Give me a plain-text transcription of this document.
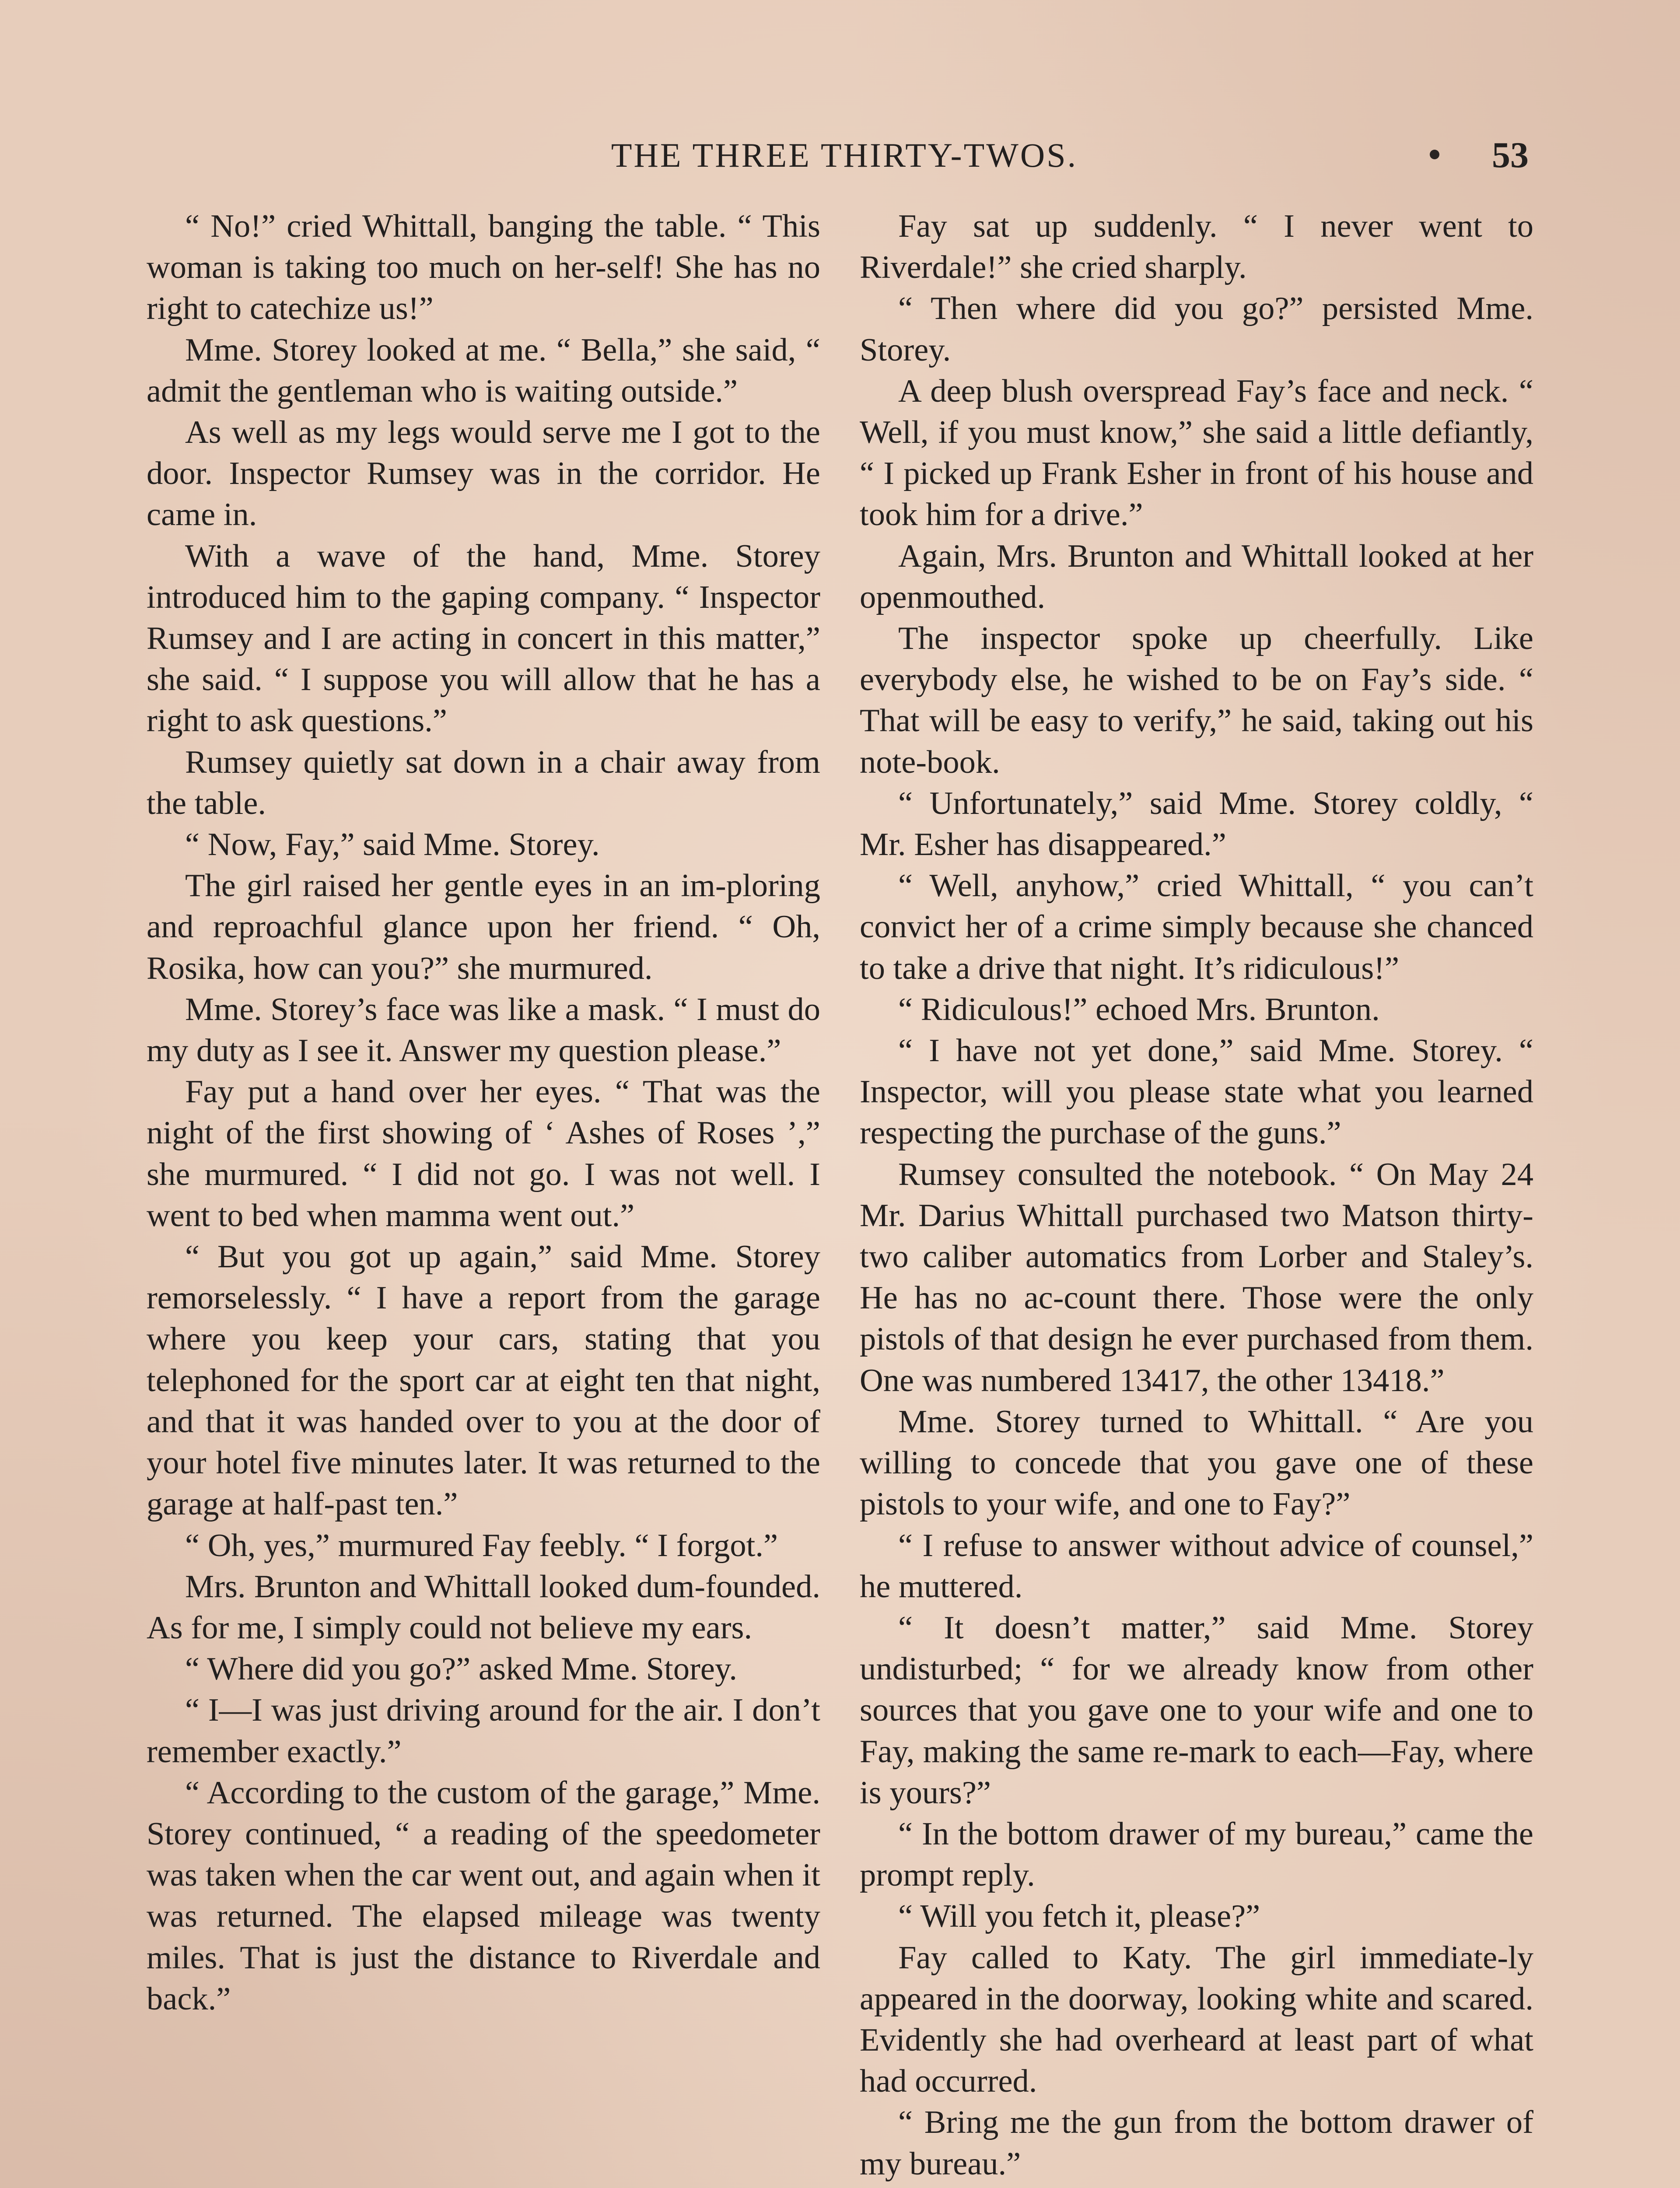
THE THREE THIRTY-TWOS.	53

“ No!” cried Whittall, banging the table. “ This woman is taking too much on her-self! She has no right to catechize us!”

Mme. Storey looked at me. “ Bella,” she said, “ admit the gentleman who is waiting outside.”

As well as my legs would serve me I got to the door. Inspector Rumsey was in the corridor. He came in.

With a wave of the hand, Mme. Storey introduced him to the gaping company. “ Inspector Rumsey and I are acting in concert in this matter,” she said. “ I suppose you will allow that he has a right to ask questions.”

Rumsey quietly sat down in a chair away from the table.

“ Now, Fay,” said Mme. Storey.

The girl raised her gentle eyes in an im-ploring and reproachful glance upon her friend. “ Oh, Rosika, how can you?” she murmured.

Mme. Storey’s face was like a mask. “ I must do my duty as I see it. Answer my question please.”

Fay put a hand over her eyes. “ That was the night of the first showing of ‘ Ashes of Roses ’,” she murmured. “ I did not go. I was not well. I went to bed when mamma went out.”

“ But you got up again,” said Mme. Storey remorselessly. “ I have a report from the garage where you keep your cars, stating that you telephoned for the sport car at eight ten that night, and that it was handed over to you at the door of your hotel five minutes later. It was returned to the garage at half-past ten.”

“ Oh, yes,” murmured Fay feebly. “ I forgot.”

Mrs. Brunton and Whittall looked dum-founded. As for me, I simply could not believe my ears.

“ Where did you go?” asked Mme. Storey.

“ I—I was just driving around for the air. I don’t remember exactly.”

“ According to the custom of the garage,” Mme. Storey continued, “ a reading of the speedometer was taken when the car went out, and again when it was returned. The elapsed mileage was twenty miles. That is just the distance to Riverdale and back.”

Fay sat up suddenly. “ I never went to Riverdale!” she cried sharply.

“ Then where did you go?” persisted Mme. Storey.

A deep blush overspread Fay’s face and neck. “ Well, if you must know,” she said a little defiantly, “ I picked up Frank Esher in front of his house and took him for a drive.”

Again, Mrs. Brunton and Whittall looked at her openmouthed.

The inspector spoke up cheerfully. Like everybody else, he wished to be on Fay’s side. “ That will be easy to verify,” he said, taking out his note-book.

“ Unfortunately,” said Mme. Storey coldly, “ Mr. Esher has disappeared.”

“ Well, anyhow,” cried Whittall, “ you can’t convict her of a crime simply because she chanced to take a drive that night. It’s ridiculous!”

“ Ridiculous!” echoed Mrs. Brunton.

“ I have not yet done,” said Mme. Storey. “ Inspector, will you please state what you learned respecting the purchase of the guns.”

Rumsey consulted the notebook. “ On May 24 Mr. Darius Whittall purchased two Matson thirty-two caliber automatics from Lorber and Staley’s. He has no ac-count there. Those were the only pistols of that design he ever purchased from them. One was numbered 13417, the other 13418.”

Mme. Storey turned to Whittall. “ Are you willing to concede that you gave one of these pistols to your wife, and one to Fay?”

“ I refuse to answer without advice of counsel,” he muttered.

“ It doesn’t matter,” said Mme. Storey undisturbed; “ for we already know from other sources that you gave one to your wife and one to Fay, making the same re-mark to each—Fay, where is yours?”

“ In the bottom drawer of my bureau,” came the prompt reply.

“ Will you fetch it, please?”

Fay called to Katy. The girl immediate-ly appeared in the doorway, looking white and scared. Evidently she had overheard at least part of what had occurred.

“ Bring me the gun from the bottom drawer of my bureau.”
